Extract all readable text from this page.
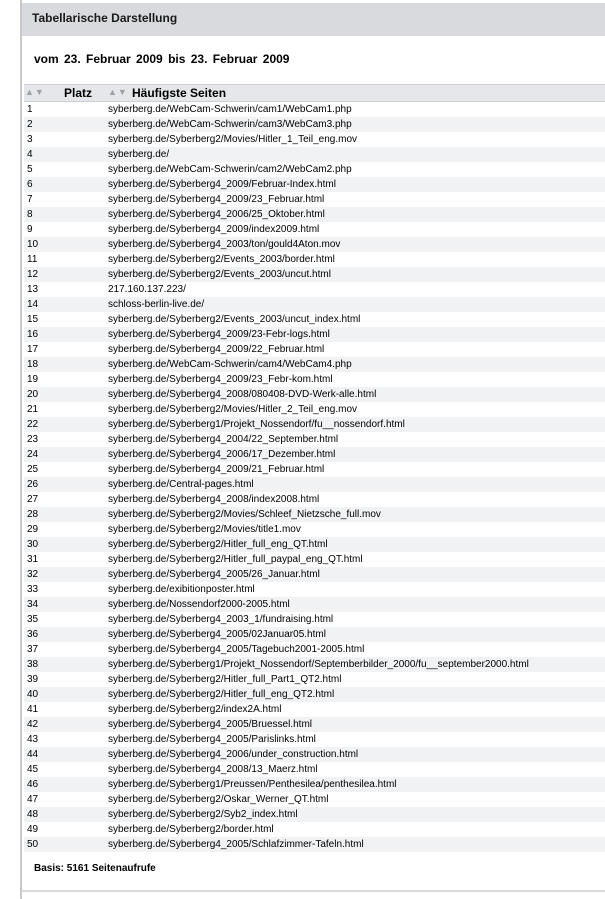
Tabellarische Darstellung
vom 23. Februar 2009 bis 23. Februar 2009
▲▼ Platz ▲▼ Häufigste Seiten
1	syberberg.de/WebCam-Schwerin/cam1/WebCam1.php
2	syberberg.de/WebCam-Schwerin/cam3/WebCam3.php
3	syberberg.de/Syberberg2/Movies/Hitler_1_Teil_eng.mov
4	syberberg.de/
5	syberberg.de/WebCam-Schwerin/cam2/WebCam2.php
6	syberberg.de/Syberberg4_2009/Februar-Index.html
7	syberberg.de/Syberberg4_2009/23_Februar.html
8	syberberg.de/Syberberg4_2006/25_Oktober.html
9	syberberg.de/Syberberg4_2009/index2009.html
10	syberberg.de/Syberberg4_2003/ton/gould4Aton.mov
11	syberberg.de/Syberberg2/Events_2003/border.html
12	syberberg.de/Syberberg2/Events_2003/uncut.html
13	217.160.137.223/
14	schloss-berlin-live.de/
15	syberberg.de/Syberberg2/Events_2003/uncut_index.html
16	syberberg.de/Syberberg4_2009/23-Febr-logs.html
17	syberberg.de/Syberberg4_2009/22_Februar.html
18	syberberg.de/WebCam-Schwerin/cam4/WebCam4.php
19	syberberg.de/Syberberg4_2009/23_Febr-kom.html
20	syberberg.de/Syberberg4_2008/080408-DVD-Werk-alle.html
21	syberberg.de/Syberberg2/Movies/Hitler_2_Teil_eng.mov
22	syberberg.de/Syberberg1/Projekt_Nossendorf/fu__nossendorf.html
23	syberberg.de/Syberberg4_2004/22_September.html
24	syberberg.de/Syberberg4_2006/17_Dezember.html
25	syberberg.de/Syberberg4_2009/21_Februar.html
26	syberberg.de/Central-pages.html
27	syberberg.de/Syberberg4_2008/index2008.html
28	syberberg.de/Syberberg2/Movies/Schleef_Nietzsche_full.mov
29	syberberg.de/Syberberg2/Movies/title1.mov
30	syberberg.de/Syberberg2/Hitler_full_eng_QT.html
31	syberberg.de/Syberberg2/Hitler_full_paypal_eng_QT.html
32	syberberg.de/Syberberg4_2005/26_Januar.html
33	syberberg.de/exibitionposter.html
34	syberberg.de/Nossendorf2000-2005.html
35	syberberg.de/Syberberg4_2003_1/fundraising.html
36	syberberg.de/Syberberg4_2005/02Januar05.html
37	syberberg.de/Syberberg4_2005/Tagebuch2001-2005.html
38	syberberg.de/Syberberg1/Projekt_Nossendorf/Septemberbilder_2000/fu__september2000.html
39	syberberg.de/Syberberg2/Hitler_full_Part1_QT2.html
40	syberberg.de/Syberberg2/Hitler_full_eng_QT2.html
41	syberberg.de/Syberberg2/index2A.html
42	syberberg.de/Syberberg4_2005/Bruessel.html
43	syberberg.de/Syberberg4_2005/Parislinks.html
44	syberberg.de/Syberberg4_2006/under_construction.html
45	syberberg.de/Syberberg4_2008/13_Maerz.html
46	syberberg.de/Syberberg1/Preussen/Penthesilea/penthesilea.html
47	syberberg.de/Syberberg2/Oskar_Werner_QT.html
48	syberberg.de/Syberberg2/Syb2_index.html
49	syberberg.de/Syberberg2/border.html
50	syberberg.de/Syberberg4_2005/Schlafzimmer-Tafeln.html
Basis: 5161 Seitenaufrufe
